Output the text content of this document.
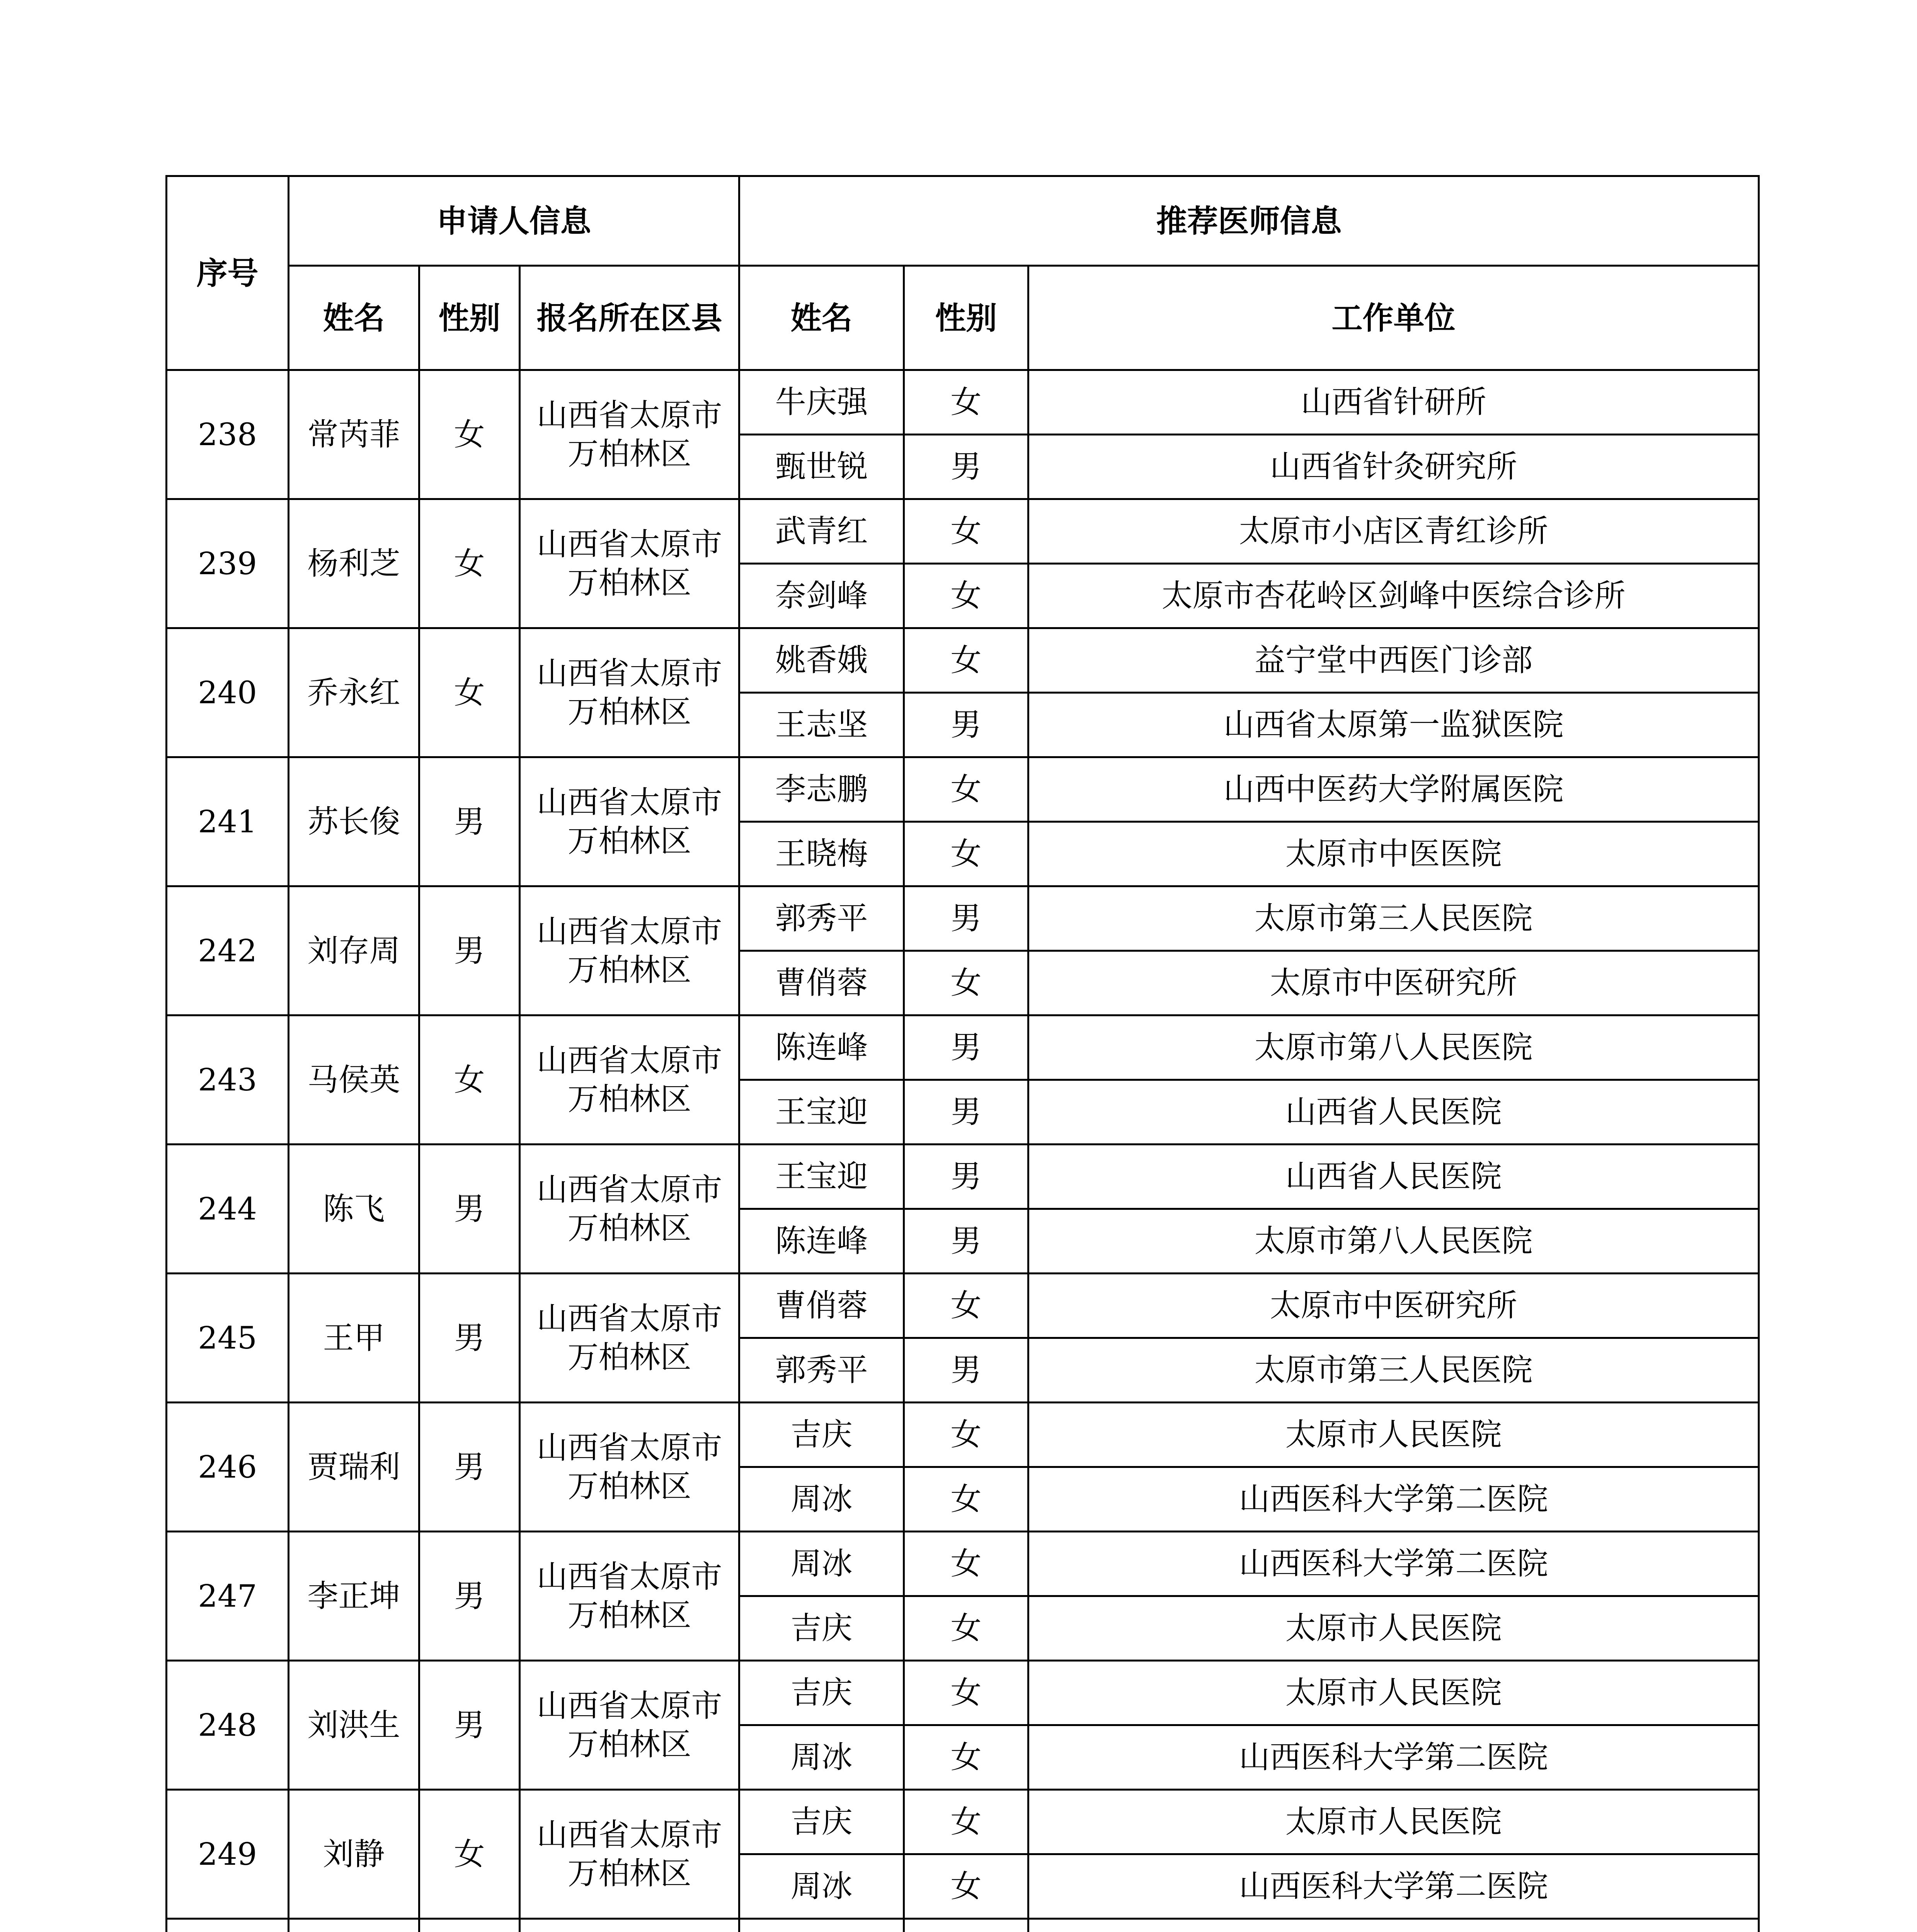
序号	申请人信息			推荐医师信息		
	姓名	性别	报名所在区县	姓名	性别	工作单位
238	常芮菲	女	山西省太原市万柏林区	牛庆强	女	山西省针研所
				甄世锐	男	山西省针灸研究所
239	杨利芝	女	山西省太原市万柏林区	武青红	女	太原市小店区青红诊所
				奈剑峰	女	太原市杏花岭区剑峰中医综合诊所
240	乔永红	女	山西省太原市万柏林区	姚香娥	女	益宁堂中西医门诊部
				王志坚	男	山西省太原第一监狱医院
241	苏长俊	男	山西省太原市万柏林区	李志鹏	女	山西中医药大学附属医院
				王晓梅	女	太原市中医医院
242	刘存周	男	山西省太原市万柏林区	郭秀平	男	太原市第三人民医院
				曹俏蓉	女	太原市中医研究所
243	马侯英	女	山西省太原市万柏林区	陈连峰	男	太原市第八人民医院
				王宝迎	男	山西省人民医院
244	陈飞	男	山西省太原市万柏林区	王宝迎	男	山西省人民医院
				陈连峰	男	太原市第八人民医院
245	王甲	男	山西省太原市万柏林区	曹俏蓉	女	太原市中医研究所
				郭秀平	男	太原市第三人民医院
246	贾瑞利	男	山西省太原市万柏林区	吉庆	女	太原市人民医院
				周冰	女	山西医科大学第二医院
247	李正坤	男	山西省太原市万柏林区	周冰	女	山西医科大学第二医院
				吉庆	女	太原市人民医院
248	刘洪生	男	山西省太原市万柏林区	吉庆	女	太原市人民医院
				周冰	女	山西医科大学第二医院
249	刘静	女	山西省太原市万柏林区	吉庆	女	太原市人民医院
				周冰	女	山西医科大学第二医院
